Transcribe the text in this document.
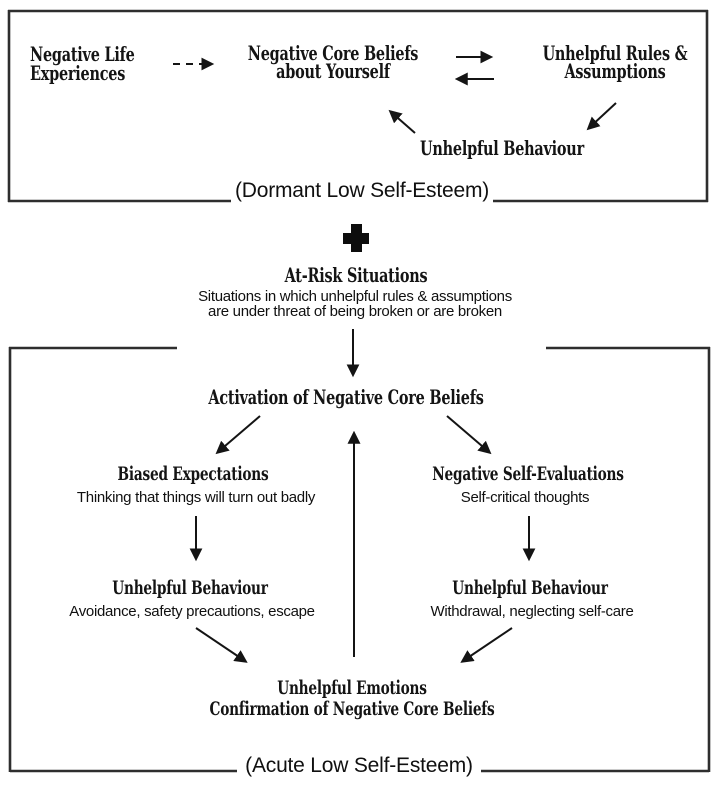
Negative Life
Experiences
Negative Core Beliefs
about Yourself
Unhelpful Rules &
Assumptions
Unhelpful Behaviour
(Dormant Low Self-Esteem)
At-Risk Situations
Situations in which unhelpful rules & assumptions
are under threat of being broken or are broken
Activation of Negative Core Beliefs
Biased Expectations
Thinking that things will turn out badly
Negative Self-Evaluations
Self-critical thoughts
Unhelpful Behaviour
Avoidance, safety precautions, escape
Unhelpful Behaviour
Withdrawal, neglecting self-care
Unhelpful Emotions
Confirmation of Negative Core Beliefs
(Acute Low Self-Esteem)
